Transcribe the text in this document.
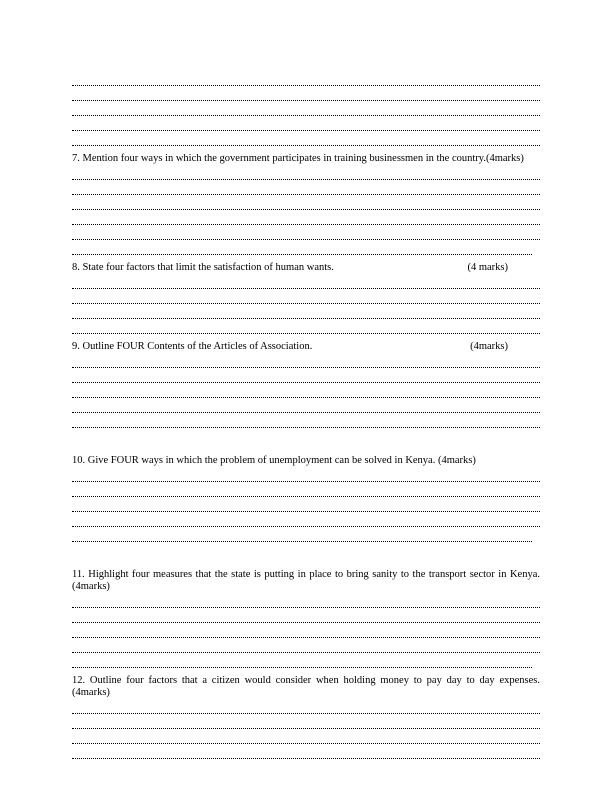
7. Mention four ways in which the government participates in training businessmen in the country.(4marks)
8. State four factors that limit the satisfaction of human wants.	(4 marks)
9. Outline FOUR Contents of the Articles of Association.	(4marks)
10. Give FOUR ways in which the problem of unemployment can be solved in Kenya. (4marks)
11. Highlight four measures that the state is putting in place to bring sanity to the transport sector in Kenya.(4marks)
12. Outline four factors that a citizen would consider when holding money to pay day to day expenses.(4marks)
